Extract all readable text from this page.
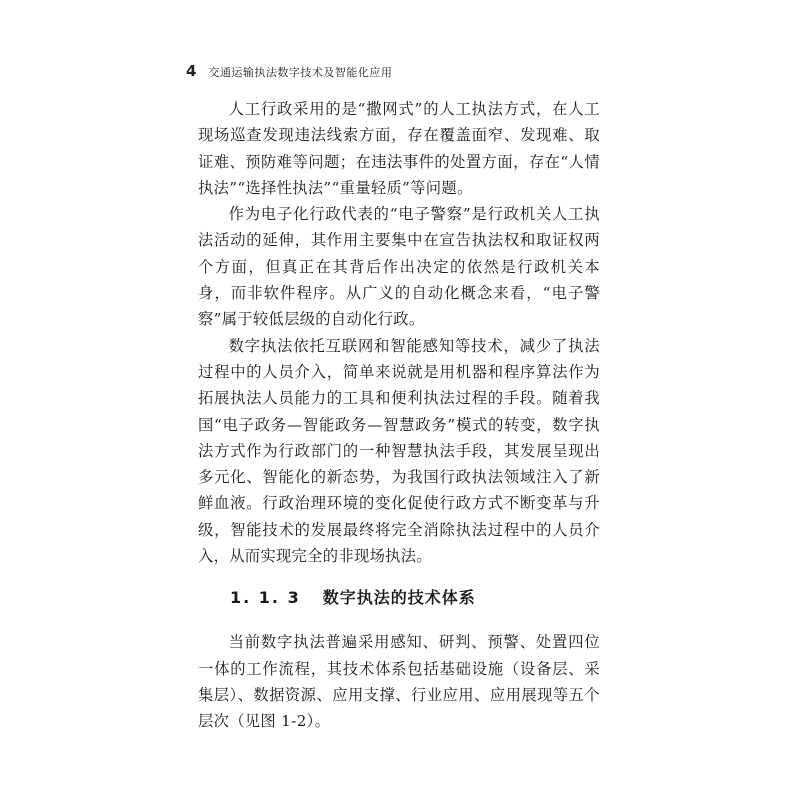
4 交通运输执法数字技术及智能化应用

人工行政采用的是“撒网式”的人工执法方式，在人工现场巡查发现违法线索方面，存在覆盖面窄、发现难、取证难、预防难等问题；在违法事件的处置方面，存在“人情执法”“选择性执法”“重量轻质”等问题。

作为电子化行政代表的“电子警察”是行政机关人工执法活动的延伸，其作用主要集中在宣告执法权和取证权两个方面，但真正在其背后作出决定的依然是行政机关本身，而非软件程序。从广义的自动化概念来看，“电子警察”属于较低层级的自动化行政。

数字执法依托互联网和智能感知等技术，减少了执法过程中的人员介入，简单来说就是用机器和程序算法作为拓展执法人员能力的工具和便利执法过程的手段。随着我国“电子政务—智能政务—智慧政务”模式的转变，数字执法方式作为行政部门的一种智慧执法手段，其发展呈现出多元化、智能化的新态势，为我国行政执法领域注入了新鲜血液。行政治理环境的变化促使行政方式不断变革与升级，智能技术的发展最终将完全消除执法过程中的人员介入，从而实现完全的非现场执法。

1. 1. 3 数字执法的技术体系

当前数字执法普遍采用感知、研判、预警、处置四位一体的工作流程，其技术体系包括基础设施（设备层、采集层）、数据资源、应用支撑、行业应用、应用展现等五个层次（见图 1-2）。
